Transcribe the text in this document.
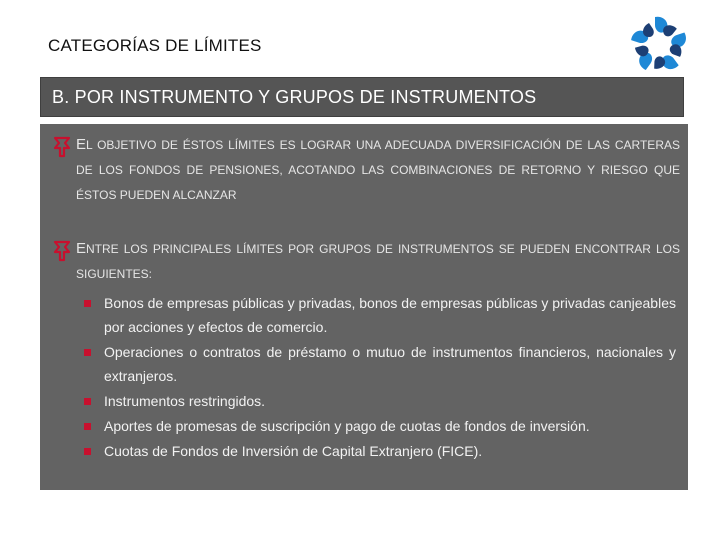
CATEGORÍAS DE LÍMITES
B. POR INSTRUMENTO Y GRUPOS DE INSTRUMENTOS
EL OBJETIVO DE ÉSTOS LÍMITES ES LOGRAR UNA ADECUADA DIVERSIFICACIÓN DE LAS CARTERAS DE LOS FONDOS DE PENSIONES, ACOTANDO LAS COMBINACIONES DE RETORNO Y RIESGO QUE ÉSTOS PUEDEN ALCANZAR
ENTRE LOS PRINCIPALES LÍMITES POR GRUPOS DE INSTRUMENTOS SE PUEDEN ENCONTRAR LOS SIGUIENTES:
Bonos de empresas públicas y privadas, bonos de empresas públicas y privadas canjeables por acciones y efectos de comercio.
Operaciones o contratos de préstamo o mutuo de instrumentos financieros, nacionales y extranjeros.
Instrumentos restringidos.
Aportes de promesas de suscripción y pago de cuotas de fondos de inversión.
Cuotas de Fondos de Inversión de Capital Extranjero (FICE).
